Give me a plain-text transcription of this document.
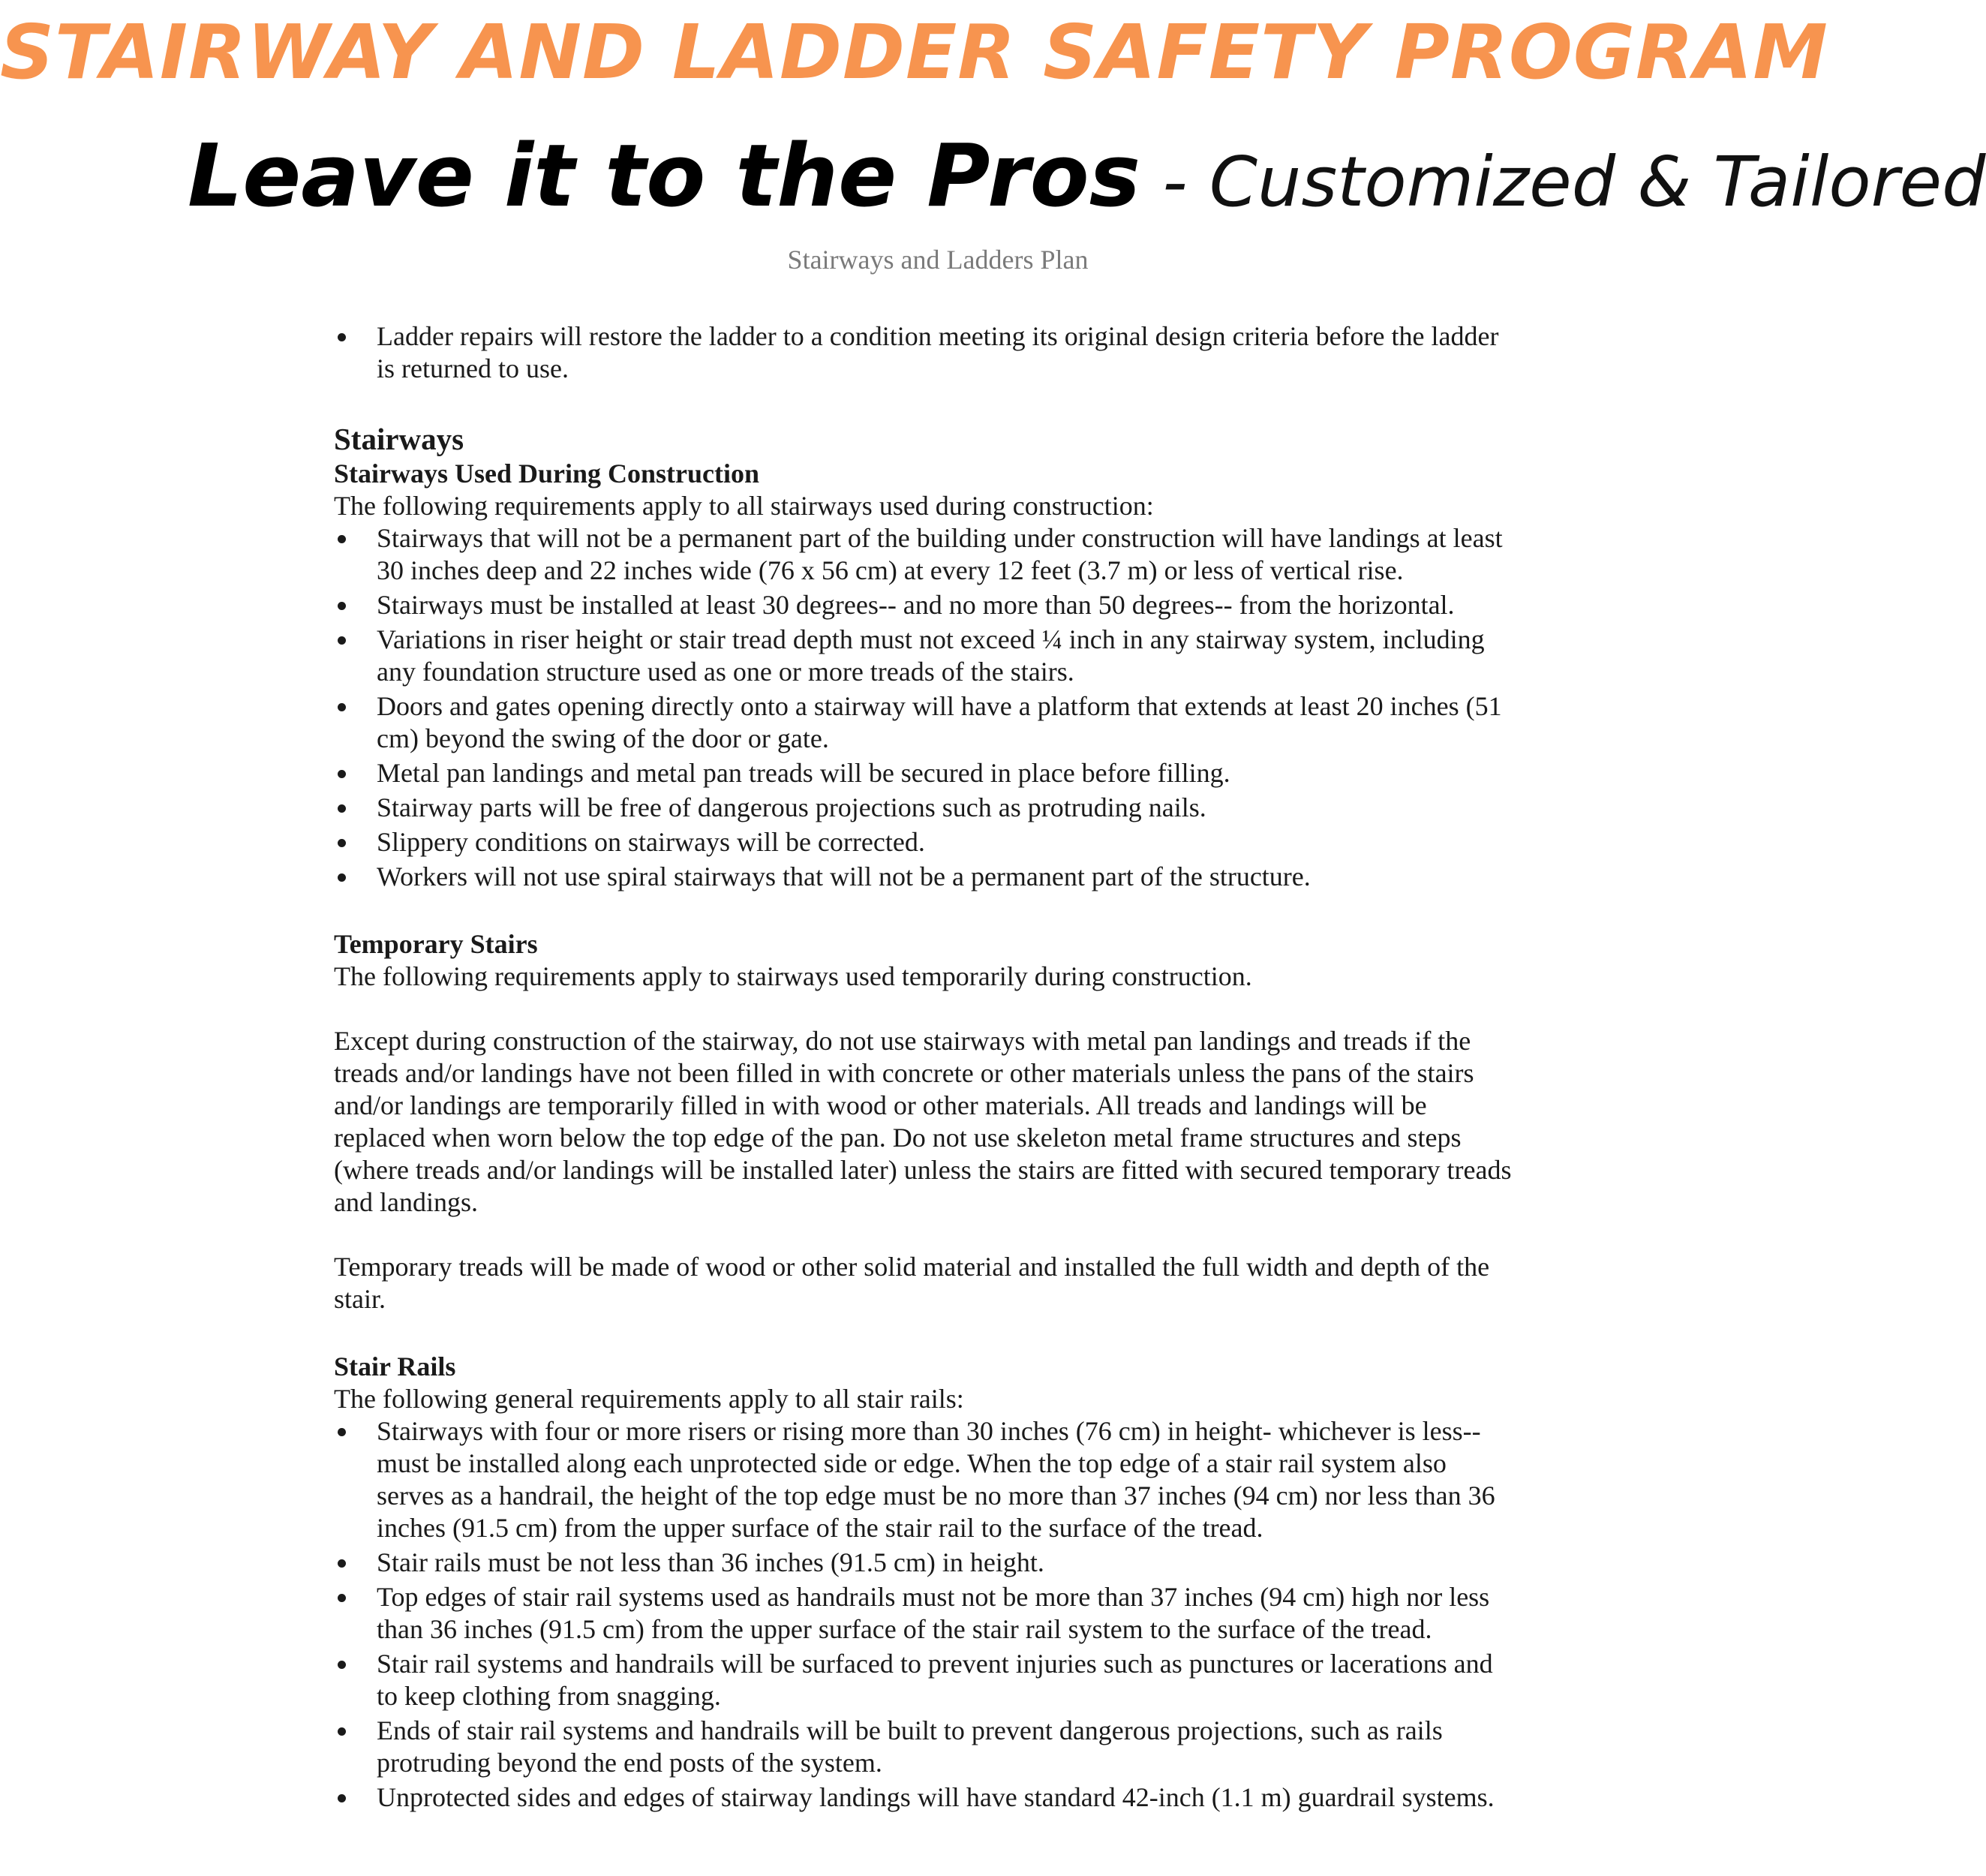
STAIRWAY AND LADDER SAFETY PROGRAM
Leave it to the Pros - Customized & Tailored
Stairways and Ladders Plan
Ladder repairs will restore the ladder to a condition meeting its original design criteria before the ladder is returned to use.
Stairways
Stairways Used During Construction

The following requirements apply to all stairways used during construction:

Stairways that will not be a permanent part of the building under construction will have landings at least 30 inches deep and 22 inches wide (76 x 56 cm) at every 12 feet (3.7 m) or less of vertical rise.
Stairways must be installed at least 30 degrees-- and no more than 50 degrees-- from the horizontal.
Variations in riser height or stair tread depth must not exceed ¼ inch in any stairway system, including any foundation structure used as one or more treads of the stairs.
Doors and gates opening directly onto a stairway will have a platform that extends at least 20 inches (51 cm) beyond the swing of the door or gate.
Metal pan landings and metal pan treads will be secured in place before filling.
Stairway parts will be free of dangerous projections such as protruding nails.
Slippery conditions on stairways will be corrected.
Workers will not use spiral stairways that will not be a permanent part of the structure.
Temporary Stairs

The following requirements apply to stairways used temporarily during construction.

Except during construction of the stairway, do not use stairways with metal pan landings and treads if the treads and/or landings have not been filled in with concrete or other materials unless the pans of the stairs and/or landings are temporarily filled in with wood or other materials. All treads and landings will be replaced when worn below the top edge of the pan. Do not use skeleton metal frame structures and steps (where treads and/or landings will be installed later) unless the stairs are fitted with secured temporary treads and landings.

Temporary treads will be made of wood or other solid material and installed the full width and depth of the stair.

Stair Rails

The following general requirements apply to all stair rails:

Stairways with four or more risers or rising more than 30 inches (76 cm) in height- whichever is less-- must be installed along each unprotected side or edge. When the top edge of a stair rail system also serves as a handrail, the height of the top edge must be no more than 37 inches (94 cm) nor less than 36 inches (91.5 cm) from the upper surface of the stair rail to the surface of the tread.
Stair rails must be not less than 36 inches (91.5 cm) in height.
Top edges of stair rail systems used as handrails must not be more than 37 inches (94 cm) high nor less than 36 inches (91.5 cm) from the upper surface of the stair rail system to the surface of the tread.
Stair rail systems and handrails will be surfaced to prevent injuries such as punctures or lacerations and to keep clothing from snagging.
Ends of stair rail systems and handrails will be built to prevent dangerous projections, such as rails protruding beyond the end posts of the system.
Unprotected sides and edges of stairway landings will have standard 42-inch (1.1 m) guardrail systems.
